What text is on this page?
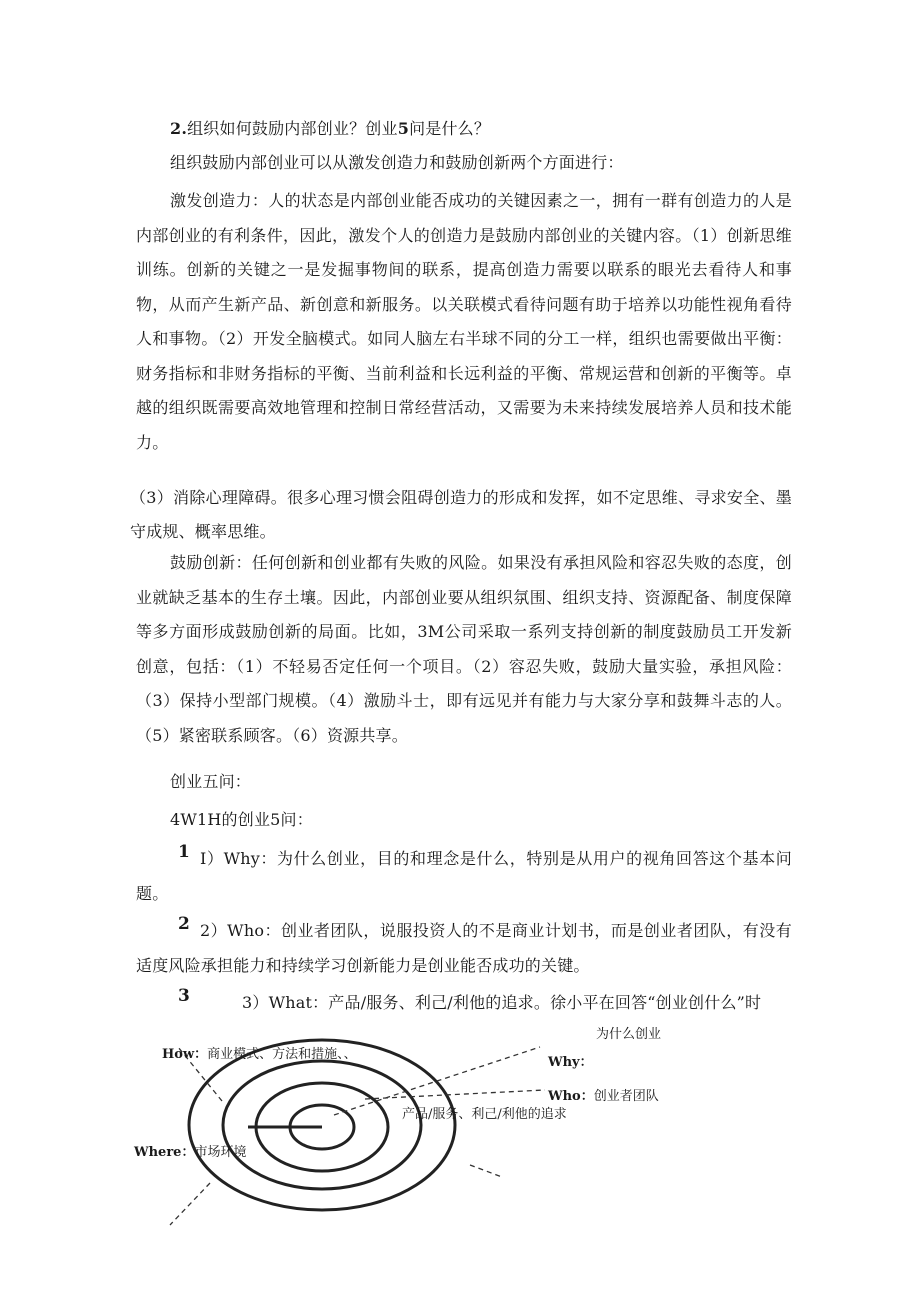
2.组织如何鼓励内部创业？创业5问是什么？

组织鼓励内部创业可以从激发创造力和鼓励创新两个方面进行：

激发创造力：人的状态是内部创业能否成功的关键因素之一，拥有一群有创造力的人是内部创业的有利条件，因此，激发个人的创造力是鼓励内部创业的关键内容。（1）创新思维训练。创新的关键之一是发掘事物间的联系，提高创造力需要以联系的眼光去看待人和事物，从而产生新产品、新创意和新服务。以关联模式看待问题有助于培养以功能性视角看待人和事物。（2）开发全脑模式。如同人脑左右半球不同的分工一样，组织也需要做出平衡：财务指标和非财务指标的平衡、当前利益和长远利益的平衡、常规运营和创新的平衡等。卓越的组织既需要高效地管理和控制日常经营活动，又需要为未来持续发展培养人员和技术能力。

（3）消除心理障碍。很多心理习惯会阻碍创造力的形成和发挥，如不定思维、寻求安全、墨守成规、概率思维。

鼓励创新：任何创新和创业都有失败的风险。如果没有承担风险和容忍失败的态度，创业就缺乏基本的生存土壤。因此，内部创业要从组织氛围、组织支持、资源配备、制度保障等多方面形成鼓励创新的局面。比如，3M公司采取一系列支持创新的制度鼓励员工开发新创意，包括：（1）不轻易否定任何一个项目。（2）容忍失败，鼓励大量实验，承担风险：（3）保持小型部门规模。（4）激励斗士，即有远见并有能力与大家分享和鼓舞斗志的人。（5）紧密联系顾客。（6）资源共享。

创业五问：

4W1H的创业5问：

1 I）Why：为什么创业，目的和理念是什么，特别是从用户的视角回答这个基本问题。

2 2）Who：创业者团队，说服投资人的不是商业计划书，而是创业者团队，有没有适度风险承担能力和持续学习创新能力是创业能否成功的关键。

3	3）What：产品/服务、利己/利他的追求。徐小平在回答“创业创什么”时

为什么创业
Why：
Who：创业者团队
How：商业模式、方法和措施、、
产品/服务、利己/利他的追求
Where：市场环境
